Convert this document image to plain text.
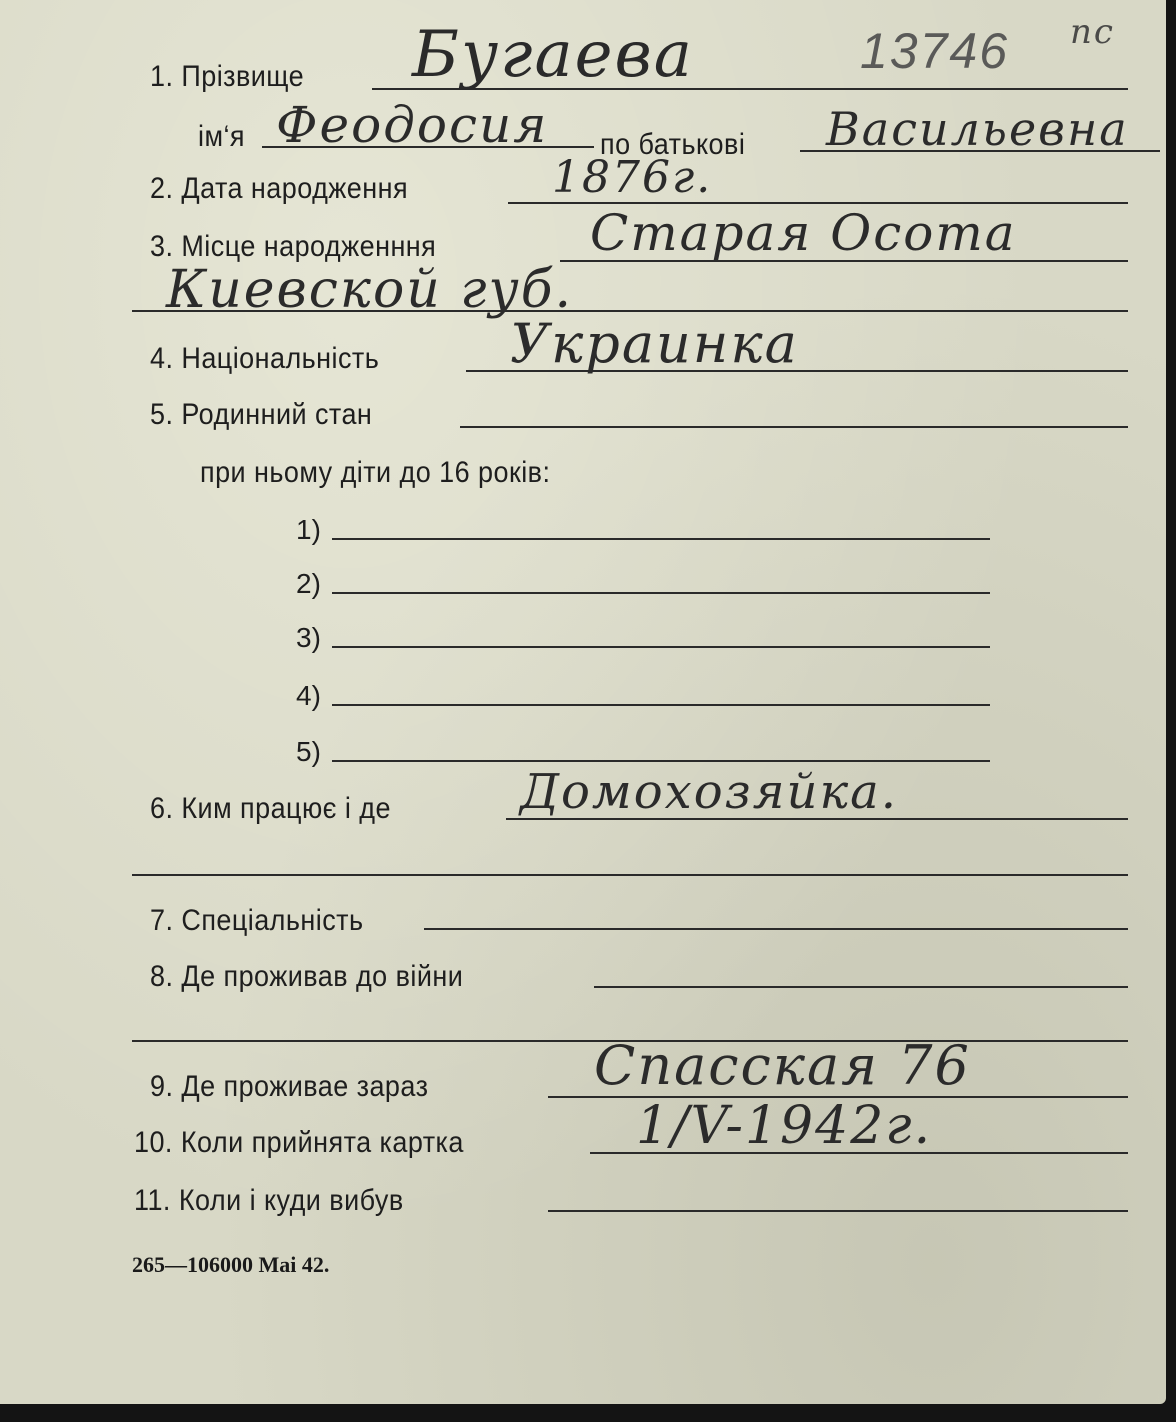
1. Прізвище Бугаева	13746 пс
ім‘я Феодосия по батькові Васильевна
2. Дата народження	1876г.
3. Місце народженння	Старая Осота
Киевской губ.
4. Національність Украинка
5. Родинний стан
при ньому діти до 16 років:
1)
2)
3)
4)
5)
6. Ким працює і де	Домохозяйка.
7. Спеціальність
8. Де проживав до війни
9. Де проживае зараз	Спасская 76
10. Коли прийнята картка	1/V-1942г.
11. Коли і куди вибув
265—106000 Mai 42.
